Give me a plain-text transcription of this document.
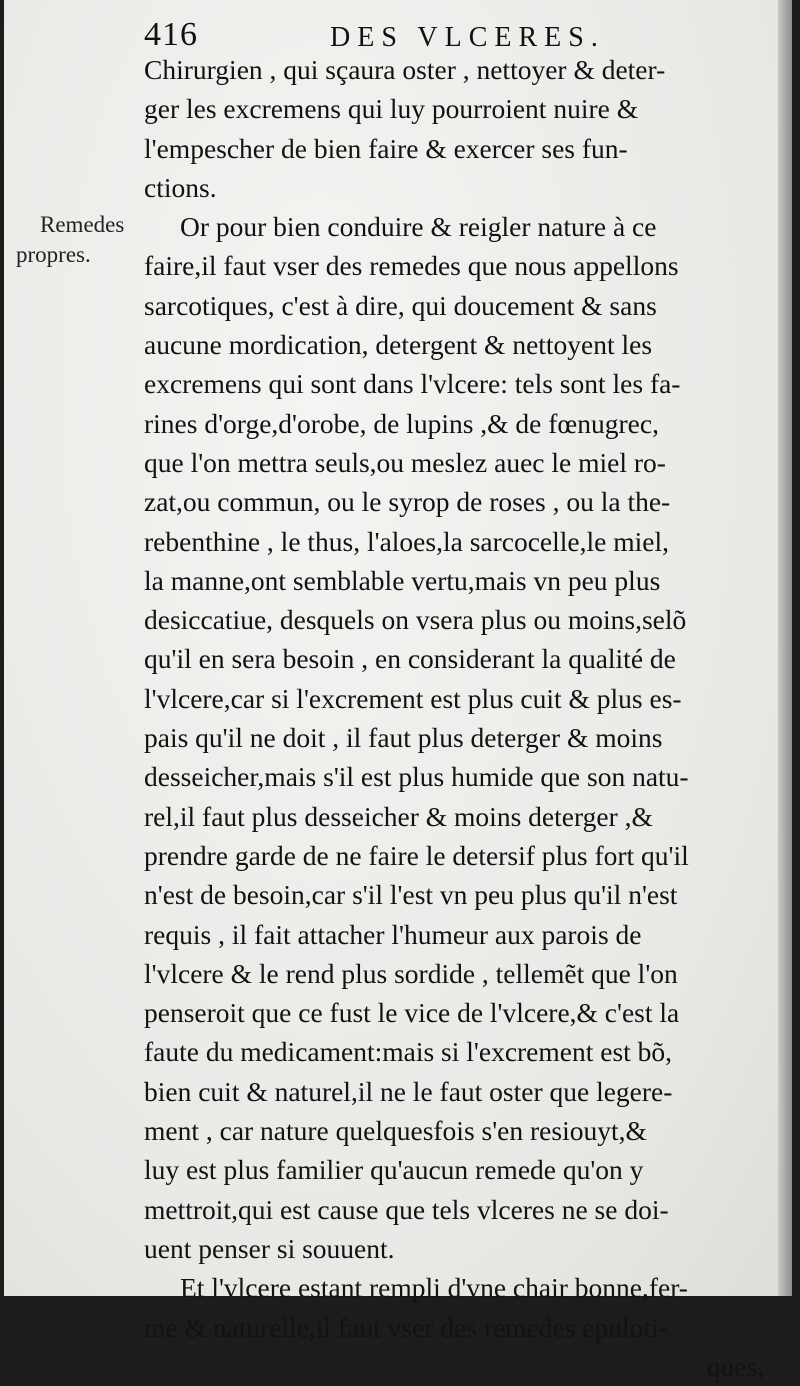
416	DES VLCERES.
Remedes
propres.
Chirurgien , qui sçaura oster , nettoyer & deter-
ger les excremens qui luy pourroient nuire &
l'empescher de bien faire & exercer ses fun-
ctions.
Or pour bien conduire & reigler nature à ce
faire,il faut vser des remedes que nous appellons
sarcotiques, c'est à dire, qui doucement & sans
aucune mordication, detergent & nettoyent les
excremens qui sont dans l'vlcere: tels sont les fa-
rines d'orge,d'orobe, de lupins ,& de fœnugrec,
que l'on mettra seuls,ou meslez auec le miel ro-
zat,ou commun, ou le syrop de roses , ou la the-
rebenthine , le thus, l'aloes,la sarcocelle,le miel,
la manne,ont semblable vertu,mais vn peu plus
desiccatiue, desquels on vsera plus ou moins,selõ
qu'il en sera besoin , en considerant la qualité de
l'vlcere,car si l'excrement est plus cuit & plus es-
pais qu'il ne doit , il faut plus deterger & moins
desseicher,mais s'il est plus humide que son natu-
rel,il faut plus desseicher & moins deterger ,&
prendre garde de ne faire le detersif plus fort qu'il
n'est de besoin,car s'il l'est vn peu plus qu'il n'est
requis , il fait attacher l'humeur aux parois de
l'vlcere & le rend plus sordide , tellemẽt que l'on
penseroit que ce fust le vice de l'vlcere,& c'est la
faute du medicament:mais si l'excrement est bõ,
bien cuit & naturel,il ne le faut oster que legere-
ment , car nature quelquesfois s'en resiouyt,&
luy est plus familier qu'aucun remede qu'on y
mettroit,qui est cause que tels vlceres ne se doi-
uent penser si souuent.
Et l'vlcere estant rempli d'vne chair bonne,fer-
me & naturelle,il faut vser des remedes epuloti-
ques,
